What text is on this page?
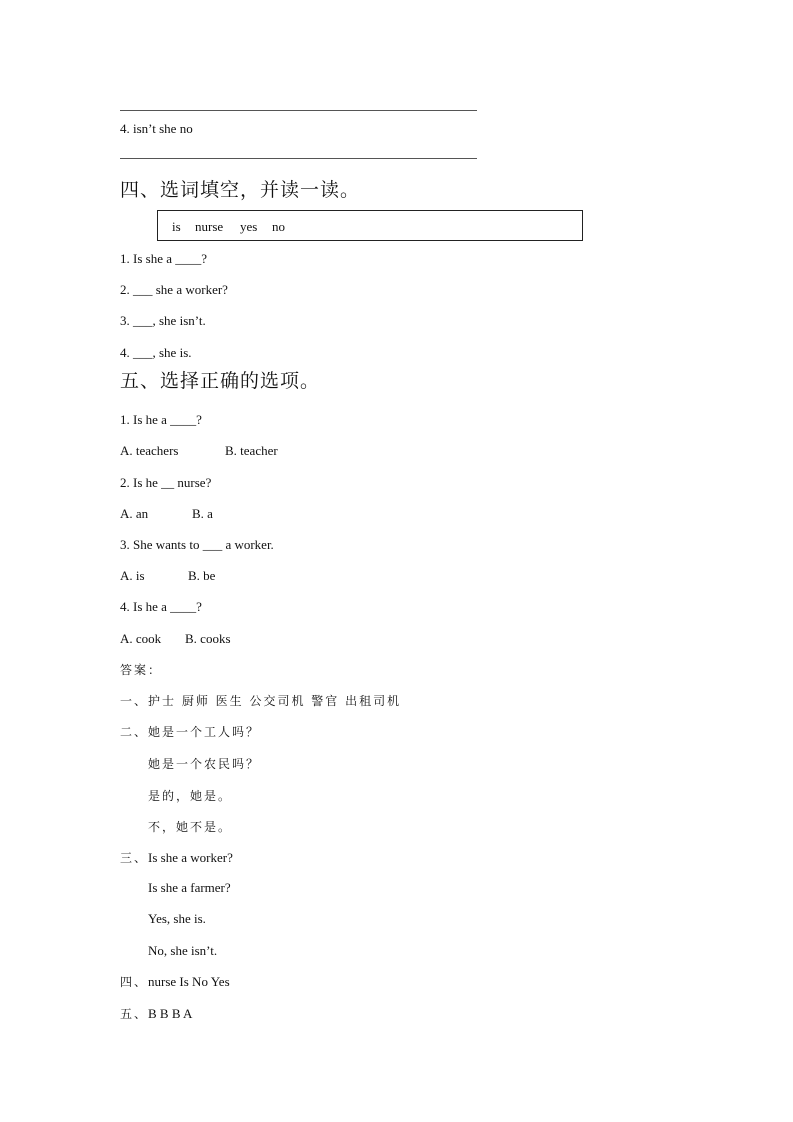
4. isn’t she no
四、选词填空，并读一读。
is nurse yes no
1. Is she a ____?
2. ___ she a worker?
3. ___, she isn’t.
4. ___, she is.
五、选择正确的选项。
1. Is he a ____?
A. teachers	B. teacher
2. Is he __ nurse?
A. an	B. a
3. She wants to ___ a worker.
A. is	B. be
4. Is he a ____?
A. cook B. cooks
答案：
一、护士 厨师 医生 公交司机 警官 出租司机
二、她是一个工人吗？
她是一个农民吗？
是的，她是。
不，她不是。
三、Is she a worker?
Is she a farmer?
Yes, she is.
No, she isn’t.
四、nurse Is No Yes
五、B B B A
